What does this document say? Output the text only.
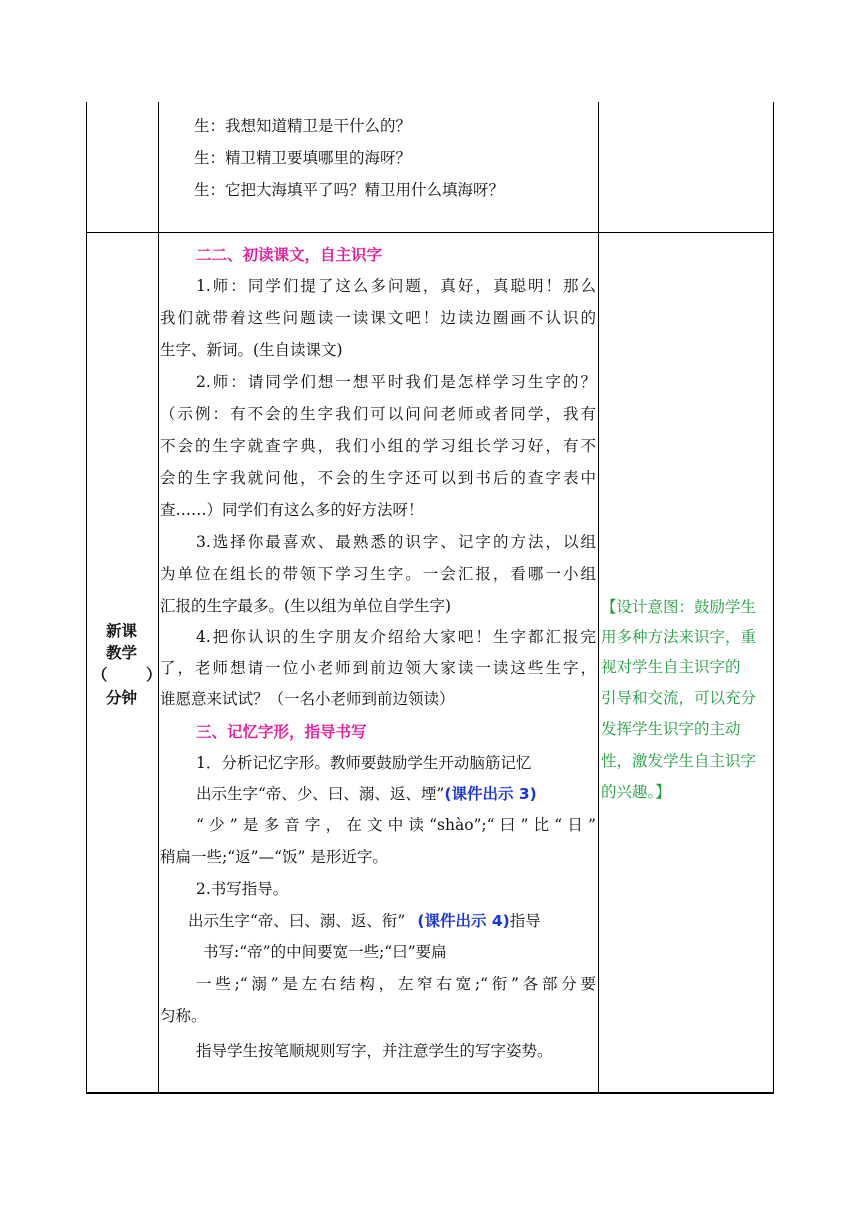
生：我想知道精卫是干什么的？
生：精卫精卫要填哪里的海呀？
生：它把大海填平了吗？精卫用什么填海呀？
新课
教学
（ ）
分钟
二二、初读课文，自主识字
1.师：同学们提了这么多问题，真好，真聪明！那么
我们就带着这些问题读一读课文吧！边读边圈画不认识的
生字、新词。(生自读课文)
2.师：请同学们想一想平时我们是怎样学习生字的？
（示例：有不会的生字我们可以问问老师或者同学，我有
不会的生字就查字典，我们小组的学习组长学习好，有不
会的生字我就问他，不会的生字还可以到书后的查字表中
查……）同学们有这么多的好方法呀！
3.选择你最喜欢、最熟悉的识字、记字的方法，以组
为单位在组长的带领下学习生字。一会汇报，看哪一小组
汇报的生字最多。(生以组为单位自学生字)
4.把你认识的生字朋友介绍给大家吧！生字都汇报完
了，老师想请一位小老师到前边领大家读一读这些生字，
谁愿意来试试？（一名小老师到前边领读）
三、记忆字形，指导书写
1．分析记忆字形。教师要鼓励学生开动脑筋记忆
出示生字“帝、少、曰、溺、返、堙”(课件出示 3)
“少”是多音字，在文中读“shào”;“曰”比“日”
稍扁一些;“返”—“饭” 是形近字。
2.书写指导。
出示生字“帝、曰、溺、返、衔” (课件出示 4)指导
书写:“帝”的中间要宽一些;“曰”要扁
一些;“溺”是左右结构，左窄右宽;“衔”各部分要
匀称。
指导学生按笔顺规则写字，并注意学生的写字姿势。
【设计意图：鼓励学生
用多种方法来识字，重
视对学生自主识字的
引导和交流，可以充分
发挥学生识字的主动
性，激发学生自主识字
的兴趣。】
